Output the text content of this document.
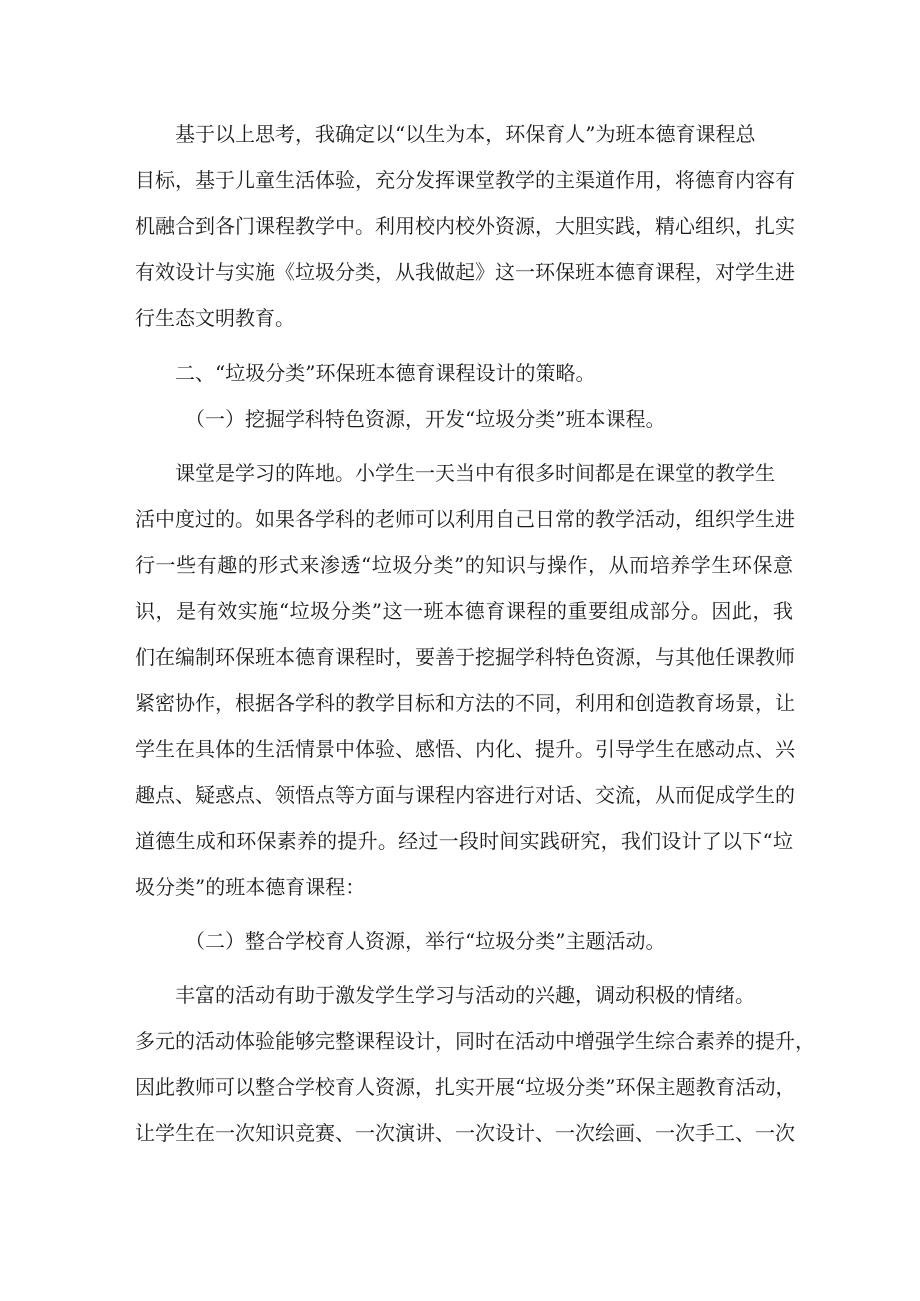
基于以上思考，我确定以“以生为本，环保育人”为班本德育课程总
目标，基于儿童生活体验，充分发挥课堂教学的主渠道作用，将德育内容有
机融合到各门课程教学中。利用校内校外资源，大胆实践，精心组织，扎实
有效设计与实施《垃圾分类，从我做起》这一环保班本德育课程，对学生进
行生态文明教育。
二、“垃圾分类”环保班本德育课程设计的策略。
（一）挖掘学科特色资源，开发“垃圾分类”班本课程。
课堂是学习的阵地。小学生一天当中有很多时间都是在课堂的教学生
活中度过的。如果各学科的老师可以利用自己日常的教学活动，组织学生进
行一些有趣的形式来渗透“垃圾分类”的知识与操作，从而培养学生环保意
识，是有效实施“垃圾分类”这一班本德育课程的重要组成部分。因此，我
们在编制环保班本德育课程时，要善于挖掘学科特色资源，与其他任课教师
紧密协作，根据各学科的教学目标和方法的不同，利用和创造教育场景，让
学生在具体的生活情景中体验、感悟、内化、提升。引导学生在感动点、兴
趣点、疑惑点、领悟点等方面与课程内容进行对话、交流，从而促成学生的
道德生成和环保素养的提升。经过一段时间实践研究，我们设计了以下“垃
圾分类”的班本德育课程：
（二）整合学校育人资源，举行“垃圾分类”主题活动。
丰富的活动有助于激发学生学习与活动的兴趣，调动积极的情绪。
多元的活动体验能够完整课程设计，同时在活动中增强学生综合素养的提升，
因此教师可以整合学校育人资源，扎实开展“垃圾分类”环保主题教育活动，
让学生在一次知识竞赛、一次演讲、一次设计、一次绘画、一次手工、一次
